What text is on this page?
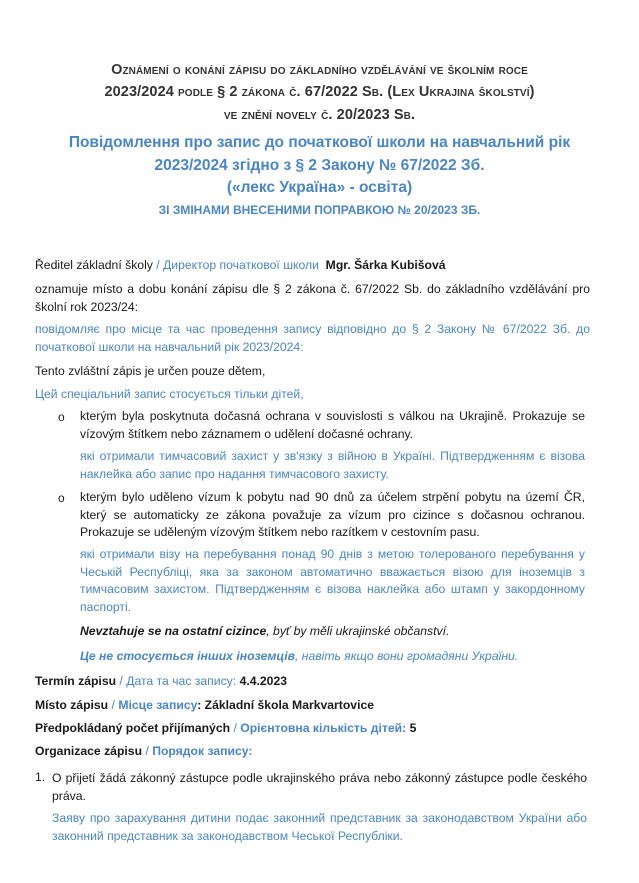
Oznámení o konání zápisu do základního vzdělávání ve školním roce
2023/2024 podle § 2 zákona č. 67/2022 Sb. (Lex Ukrajina školství)
ve znění novely č. 20/2023 Sb.
Повідомлення про запис до початкової школи на навчальний рік
2023/2024 згідно з § 2 Закону № 67/2022 Зб.
(«лекс Україна» - освіта)
ЗІ ЗМІНАМИ ВНЕСЕНИМИ ПОПРАВКОЮ № 20/2023 ЗБ.
Ředitel základní školy / Директор початкової школи Mgr. Šárka Kubišová
oznamuje místo a dobu konání zápisu dle § 2 zákona č. 67/2022 Sb. do základního vzdělávání pro školní rok 2023/24:
повідомляє про місце та час проведення запису відповідно до § 2 Закону № 67/2022 Зб. до початкової школи на навчальний рік 2023/2024:
Tento zvláštní zápis je určen pouze dětem,
Цей спеціальний запис стосується тільки дітей,
o kterým byla poskytnuta dočasná ochrana v souvislosti s válkou na Ukrajině. Prokazuje se vízovým štítkem nebo záznamem o udělení dočasné ochrany.
які отримали тимчасовий захист у зв'язку з війною в Україні. Підтвердженням є візова наклейка або запис про надання тимчасового захисту.
o kterým bylo uděleno vízum k pobytu nad 90 dnů za účelem strpění pobytu na území ČR, který se automaticky ze zákona považuje za vízum pro cizince s dočasnou ochranou. Prokazuje se uděleným vízovým štítkem nebo razítkem v cestovním pasu.
які отримали візу на перебування понад 90 днів з метою толерованого перебування у Чеській Республіці, яка за законом автоматично вважається візою для іноземців з тимчасовим захистом. Підтвердженням є візова наклейка або штамп у закордонному паспорті.
Nevztahuje se na ostatní cizince, byť by měli ukrajinské občanství.
Це не стосується інших іноземців, навіть якщо вони громадяни України.
Termín zápisu / Дата та час запису: 4.4.2023
Místo zápisu / Місце запису: Základní škola Markvartovice
Předpokládaný počet přijímaných / Орієнтовна кількість дітей: 5
Organizace zápisu / Порядок запису:
1. O přijetí žádá zákonný zástupce podle ukrajinského práva nebo zákonný zástupce podle českého práva.
Заяву про зарахування дитини подає законний представник за законодавством України або законний представник за законодавством Чеської Республіки.
